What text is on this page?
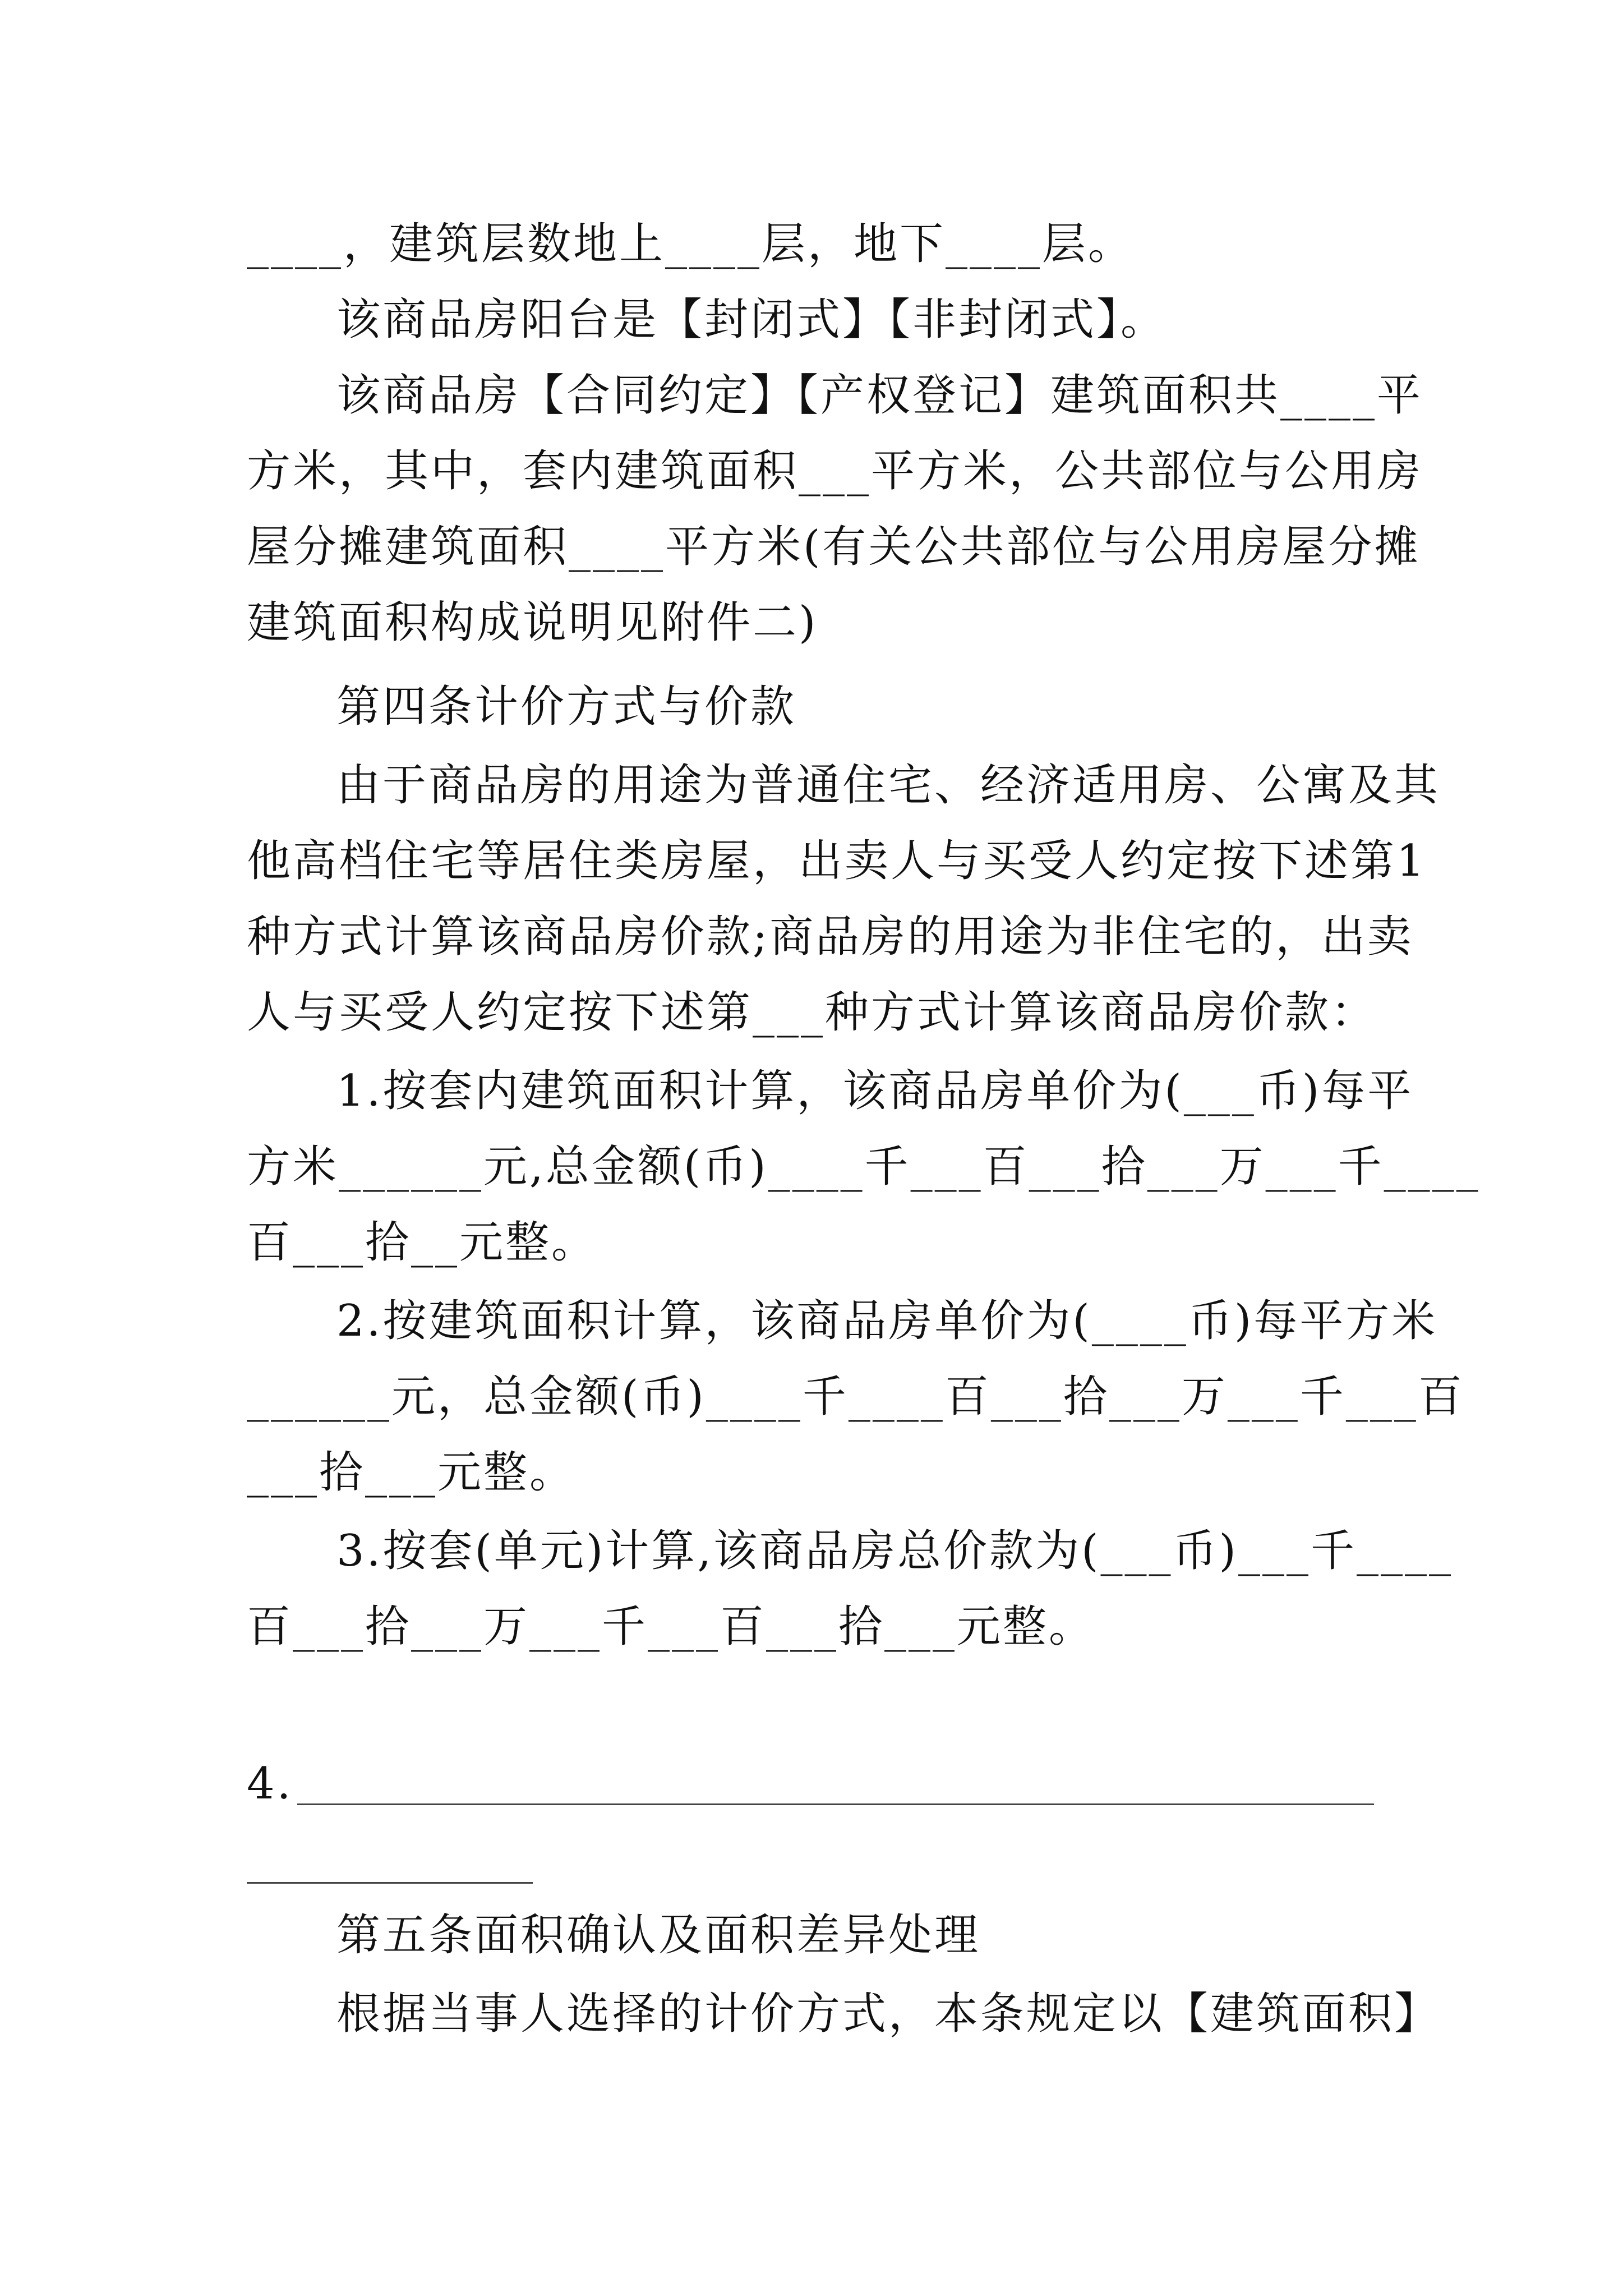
____，建筑层数地上____层，地下____层。
该商品房阳台是【封闭式】【非封闭式】。
该商品房【合同约定】【产权登记】建筑面积共____平
方米，其中，套内建筑面积___平方米，公共部位与公用房
屋分摊建筑面积____平方米(有关公共部位与公用房屋分摊
建筑面积构成说明见附件二)
第四条计价方式与价款
由于商品房的用途为普通住宅、经济适用房、公寓及其
他高档住宅等居住类房屋，出卖人与买受人约定按下述第1
种方式计算该商品房价款;商品房的用途为非住宅的，出卖
人与买受人约定按下述第___种方式计算该商品房价款：
1.按套内建筑面积计算，该商品房单价为(___币)每平
方米______元,总金额(币)____千___百___拾___万___千____
百___拾__元整。
2.按建筑面积计算，该商品房单价为(____币)每平方米
______元，总金额(币)____千____百___拾___万___千___百
___拾___元整。
3.按套(单元)计算,该商品房总价款为(___币)___千____
百___拾___万___千___百___拾___元整。
4.
第五条面积确认及面积差异处理
根据当事人选择的计价方式，本条规定以【建筑面积】
